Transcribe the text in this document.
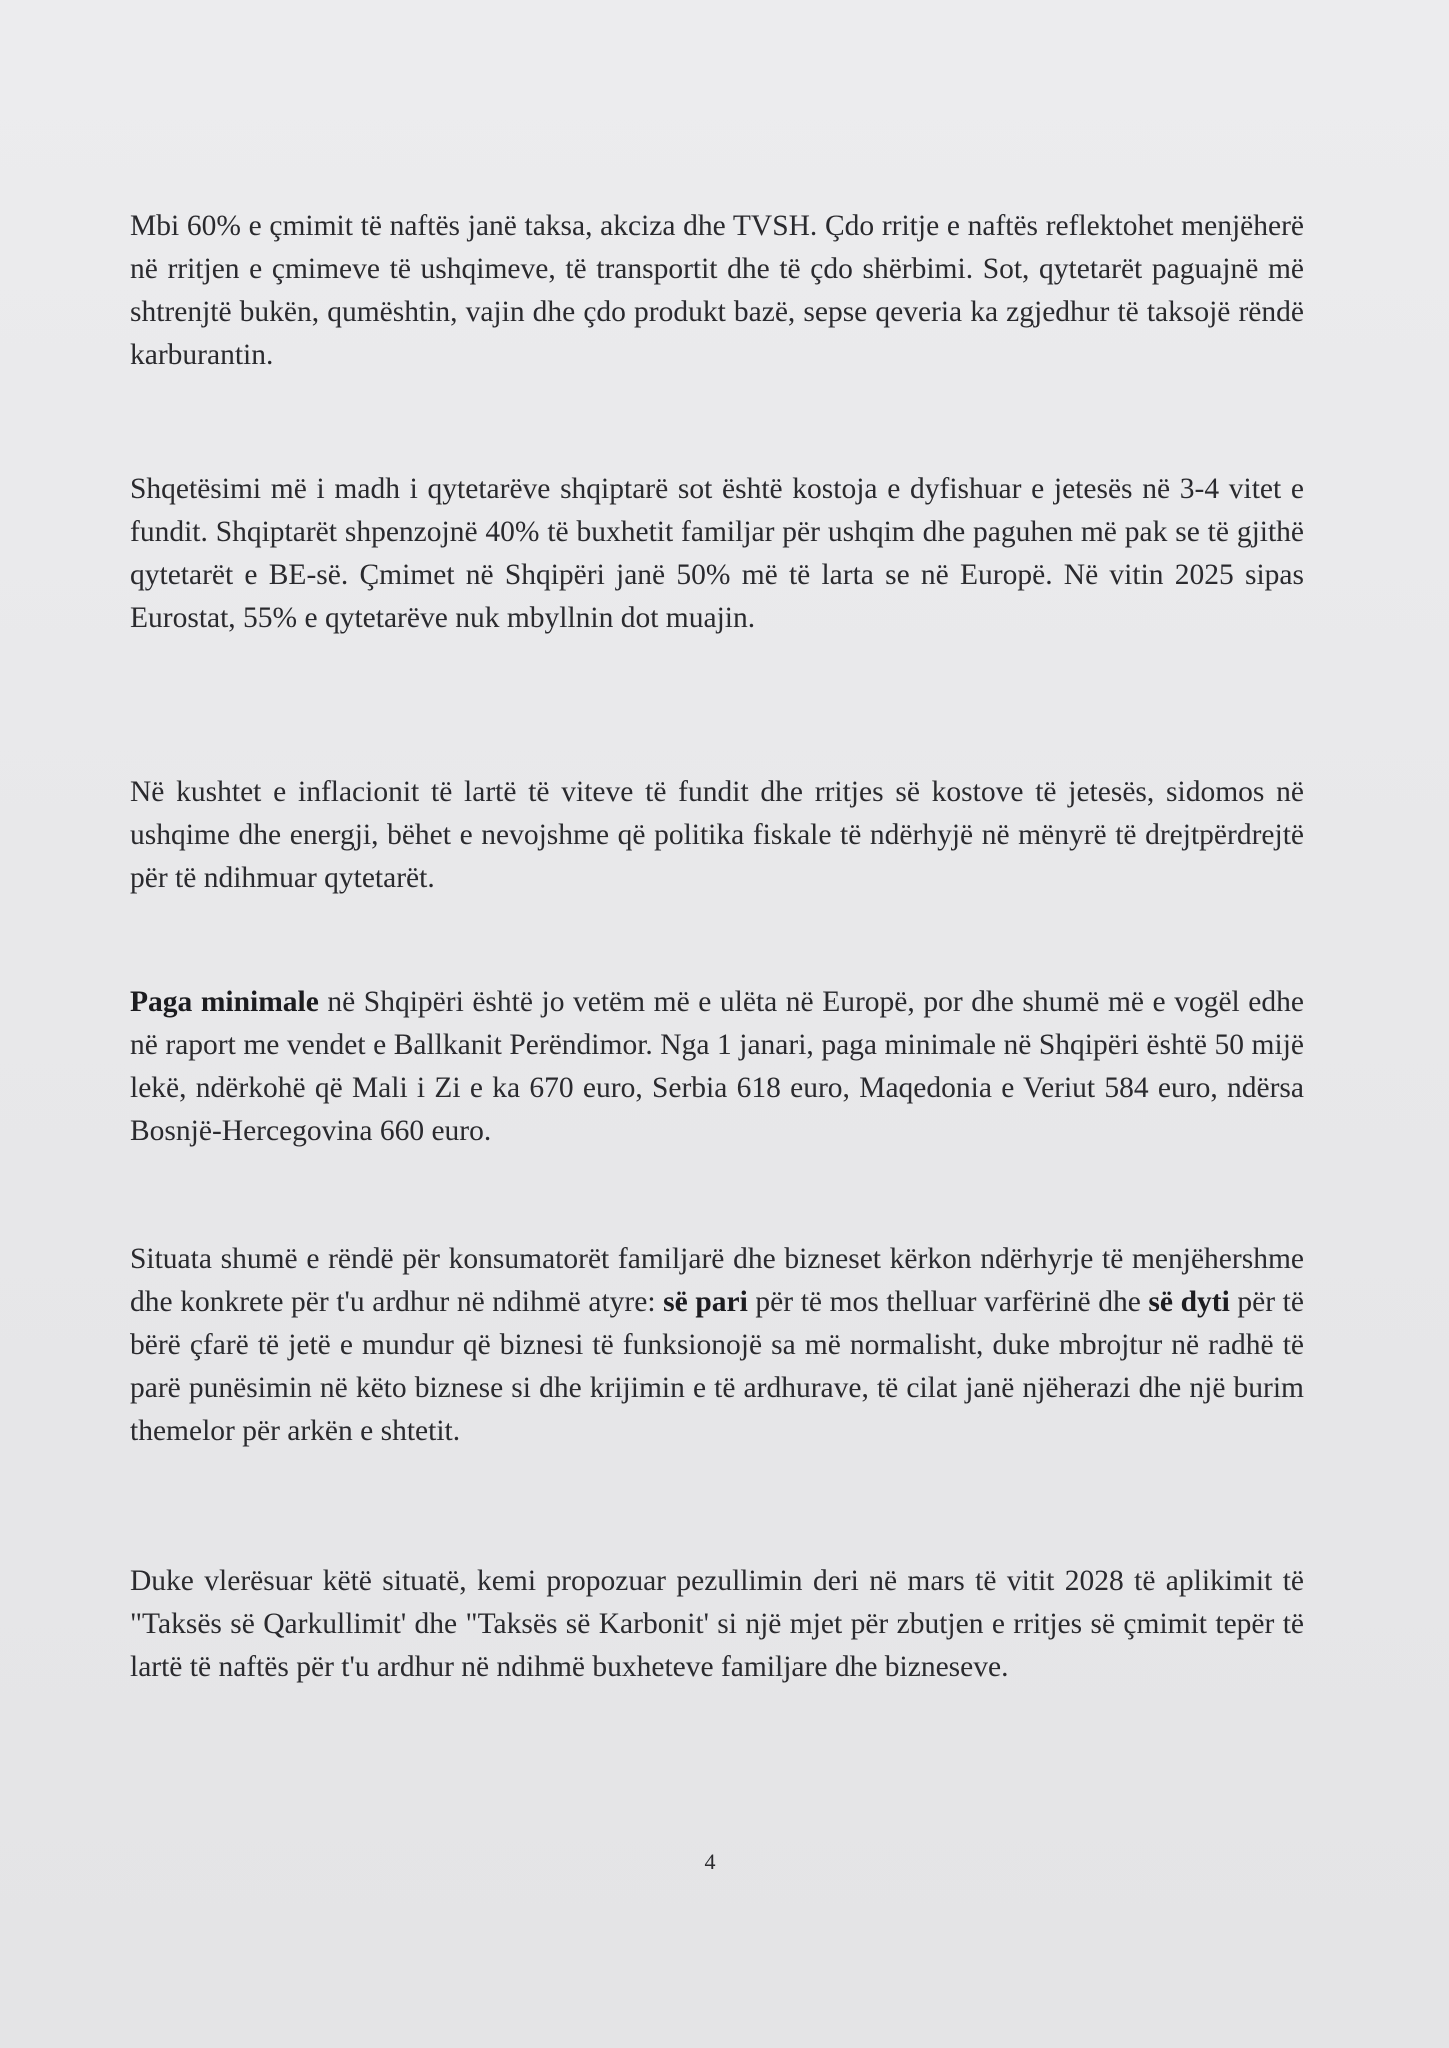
Mbi 60% e çmimit të naftës janë taksa, akciza dhe TVSH. Çdo rritje e naftës reflektohet menjëherë në rritjen e çmimeve të ushqimeve, të transportit dhe të çdo shërbimi. Sot, qytetarët paguajnë më shtrenjtë bukën, qumështin, vajin dhe çdo produkt bazë, sepse qeveria ka zgjedhur të taksojë rëndë karburantin.

Shqetësimi më i madh i qytetarëve shqiptarë sot është kostoja e dyfishuar e jetesës në 3-4 vitet e fundit. Shqiptarët shpenzojnë 40% të buxhetit familjar për ushqim dhe paguhen më pak se të gjithë qytetarët e BE-së. Çmimet në Shqipëri janë 50% më të larta se në Europë. Në vitin 2025 sipas Eurostat, 55% e qytetarëve nuk mbyllnin dot muajin.

Në kushtet e inflacionit të lartë të viteve të fundit dhe rritjes së kostove të jetesës, sidomos në ushqime dhe energji, bëhet e nevojshme që politika fiskale të ndërhyjë në mënyrë të drejtpërdrejtë për të ndihmuar qytetarët.

Paga minimale në Shqipëri është jo vetëm më e ulëta në Europë, por dhe shumë më e vogël edhe në raport me vendet e Ballkanit Perëndimor. Nga 1 janari, paga minimale në Shqipëri është 50 mijë lekë, ndërkohë që Mali i Zi e ka 670 euro, Serbia 618 euro, Maqedonia e Veriut 584 euro, ndërsa Bosnjë-Hercegovina 660 euro.

Situata shumë e rëndë për konsumatorët familjarë dhe bizneset kërkon ndërhyrje të menjëhershme dhe konkrete për t'u ardhur në ndihmë atyre: së pari për të mos thelluar varfërinë dhe së dyti për të bërë çfarë të jetë e mundur që biznesi të funksionojë sa më normalisht, duke mbrojtur në radhë të parë punësimin në këto biznese si dhe krijimin e të ardhurave, të cilat janë njëherazi dhe një burim themelor për arkën e shtetit.

Duke vlerësuar këtë situatë, kemi propozuar pezullimin deri në mars të vitit 2028 të aplikimit të "Taksës së Qarkullimit' dhe "Taksës së Karbonit' si një mjet për zbutjen e rritjes së çmimit tepër të lartë të naftës për t'u ardhur në ndihmë buxheteve familjare dhe bizneseve.

4
